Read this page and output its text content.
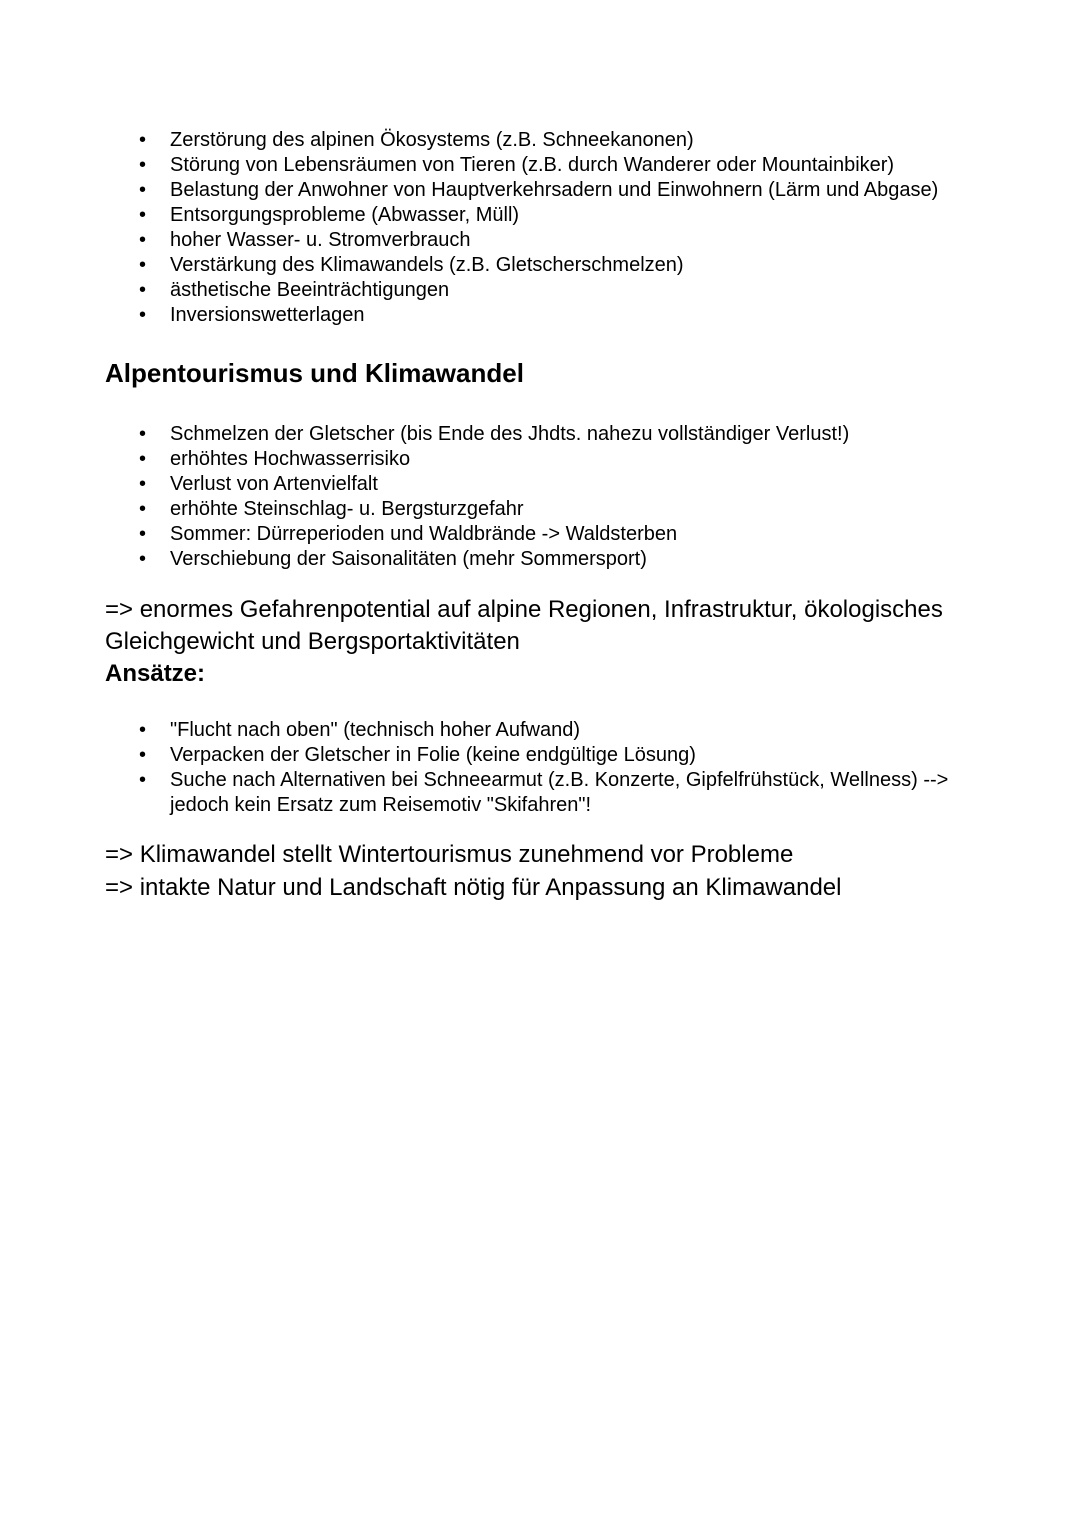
• Zerstörung des alpinen Ökosystems (z.B. Schneekanonen)
• Störung von Lebensräumen von Tieren (z.B. durch Wanderer oder Mountainbiker)
• Belastung der Anwohner von Hauptverkehrsadern und Einwohnern (Lärm und Abgase)
• Entsorgungsprobleme (Abwasser, Müll)
• hoher Wasser- u. Stromverbrauch
• Verstärkung des Klimawandels (z.B. Gletscherschmelzen)
• ästhetische Beeinträchtigungen
• Inversionswetterlagen
Alpentourismus und Klimawandel
• Schmelzen der Gletscher (bis Ende des Jhdts. nahezu vollständiger Verlust!)
• erhöhtes Hochwasserrisiko
• Verlust von Artenvielfalt
• erhöhte Steinschlag- u. Bergsturzgefahr
• Sommer: Dürreperioden und Waldbrände -> Waldsterben
• Verschiebung der Saisonalitäten (mehr Sommersport)

=> enormes Gefahrenpotential auf alpine Regionen, Infrastruktur, ökologisches Gleichgewicht und Bergsportaktivitäten

Ansätze:

• "Flucht nach oben" (technisch hoher Aufwand)
• Verpacken der Gletscher in Folie (keine endgültige Lösung)
• Suche nach Alternativen bei Schneearmut (z.B. Konzerte, Gipfelfrühstück, Wellness) --> jedoch kein Ersatz zum Reisemotiv "Skifahren"!

=> Klimawandel stellt Wintertourismus zunehmend vor Probleme

=> intakte Natur und Landschaft nötig für Anpassung an Klimawandel
